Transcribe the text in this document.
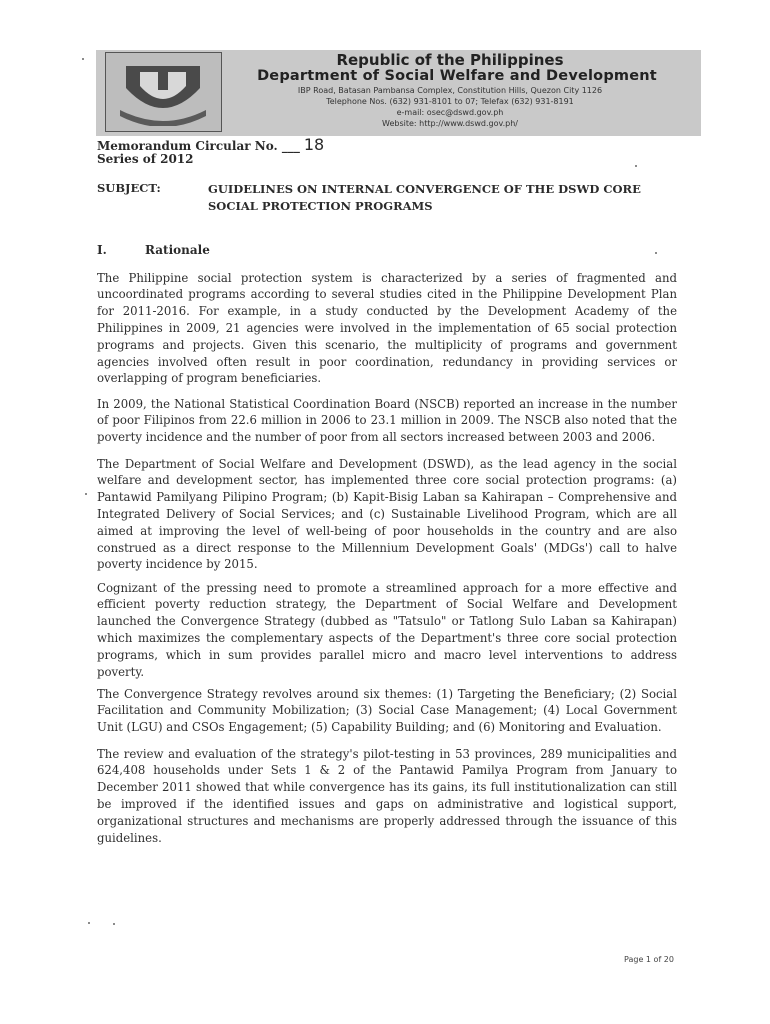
Republic of the Philippines
Department of Social Welfare and Development
IBP Road, Batasan Pambansa Complex, Constitution Hills, Quezon City 1126
Telephone Nos. (632) 931-8101 to 07; Telefax (632) 931-8191
e-mail: osec@dswd.gov.ph
Website: http://www.dswd.gov.ph/
Memorandum Circular No. ___ 18
Series of 2012
SUBJECT:	GUIDELINES ON INTERNAL CONVERGENCE OF THE DSWD CORE SOCIAL PROTECTION PROGRAMS
I.	Rationale

The Philippine social protection system is characterized by a series of fragmented and uncoordinated programs according to several studies cited in the Philippine Development Plan for 2011-2016. For example, in a study conducted by the Development Academy of the Philippines in 2009, 21 agencies were involved in the implementation of 65 social protection programs and projects. Given this scenario, the multiplicity of programs and government agencies involved often result in poor coordination, redundancy in providing services or overlapping of program beneficiaries.

In 2009, the National Statistical Coordination Board (NSCB) reported an increase in the number of poor Filipinos from 22.6 million in 2006 to 23.1 million in 2009. The NSCB also noted that the poverty incidence and the number of poor from all sectors increased between 2003 and 2006.

The Department of Social Welfare and Development (DSWD), as the lead agency in the social welfare and development sector, has implemented three core social protection programs: (a) Pantawid Pamilyang Pilipino Program; (b) Kapit-Bisig Laban sa Kahirapan – Comprehensive and Integrated Delivery of Social Services; and (c) Sustainable Livelihood Program, which are all aimed at improving the level of well-being of poor households in the country and are also construed as a direct response to the Millennium Development Goals' (MDGs') call to halve poverty incidence by 2015.

Cognizant of the pressing need to promote a streamlined approach for a more effective and efficient poverty reduction strategy, the Department of Social Welfare and Development launched the Convergence Strategy (dubbed as "Tatsulo" or Tatlong Sulo Laban sa Kahirapan) which maximizes the complementary aspects of the Department's three core social protection programs, which in sum provides parallel micro and macro level interventions to address poverty.

The Convergence Strategy revolves around six themes: (1) Targeting the Beneficiary; (2) Social Facilitation and Community Mobilization; (3) Social Case Management; (4) Local Government Unit (LGU) and CSOs Engagement; (5) Capability Building; and (6) Monitoring and Evaluation.

The review and evaluation of the strategy's pilot-testing in 53 provinces, 289 municipalities and 624,408 households under Sets 1 & 2 of the Pantawid Pamilya Program from January to December 2011 showed that while convergence has its gains, its full institutionalization can still be improved if the identified issues and gaps on administrative and logistical support, organizational structures and mechanisms are properly addressed through the issuance of this guidelines.

Page 1 of 20
